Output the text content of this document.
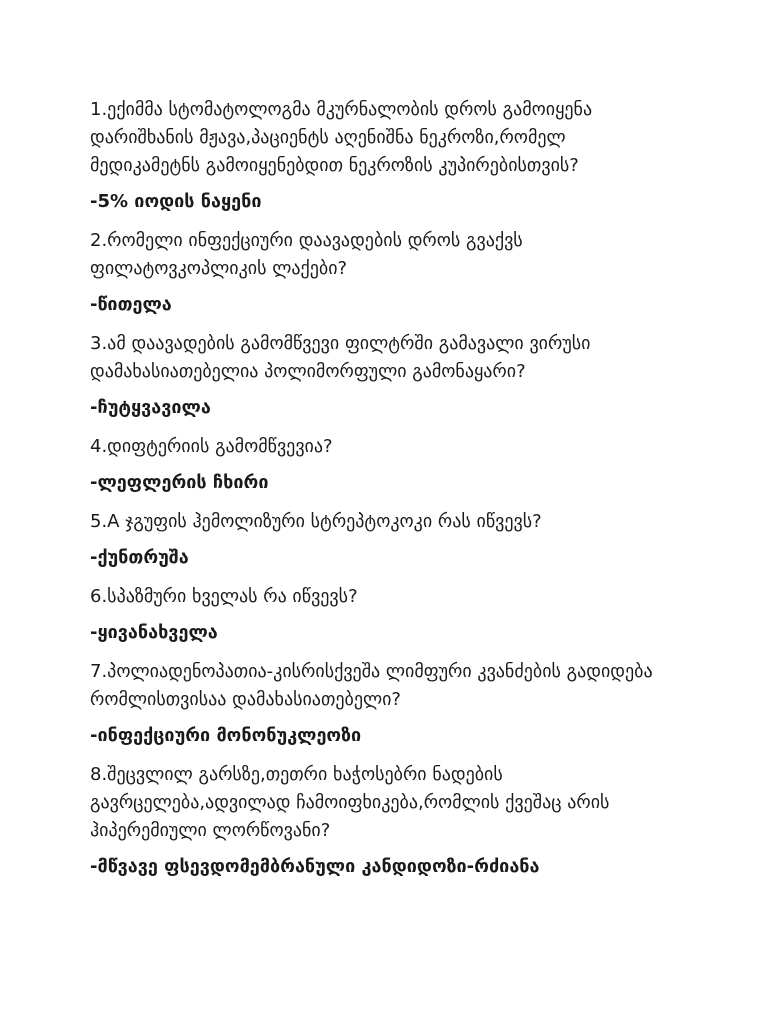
1.ექიმმა სტომატოლოგმა მკურნალობის დროს გამოიყენა დარიშხანის მჟავა,პაციენტს აღენიშნა ნეკროზი,რომელ მედიკამეტნს გამოიყენებდით ნეკროზის კუპირებისთვის?

-5% იოდის ნაყენი

2.რომელი ინფექციური დაავადების დროს გვაქვს ფილატოვკოპლიკის ლაქები?

-წითელა

3.ამ დაავადების გამომწვევი ფილტრში გამავალი ვირუსი დამახასიათებელია პოლიმორფული გამონაყარი?

-ჩუტყვავილა

4.დიფტერიის გამომწვევია?

-ლეფლერის ჩხირი

5.A ჯგუფის ჰემოლიზური სტრეპტოკოკი რას იწვევს?

-ქუნთრუშა

6.სპაზმური ხველას რა იწვევს?

-ყივანახველა

7.პოლიადენოპათია-კისრისქვეშა ლიმფური კვანძების გადიდება რომლისთვისაა დამახასიათებელი?

-ინფექციური მონონუკლეოზი

8.შეცვლილ გარსზე,თეთრი ხაჭოსებრი ნადების გავრცელება,ადვილად ჩამოიფხიკება,რომლის ქვეშაც არის ჰიპერემიული ლორწოვანი?

-მწვავე ფსევდომემბრანული კანდიდოზი-რძიანა
